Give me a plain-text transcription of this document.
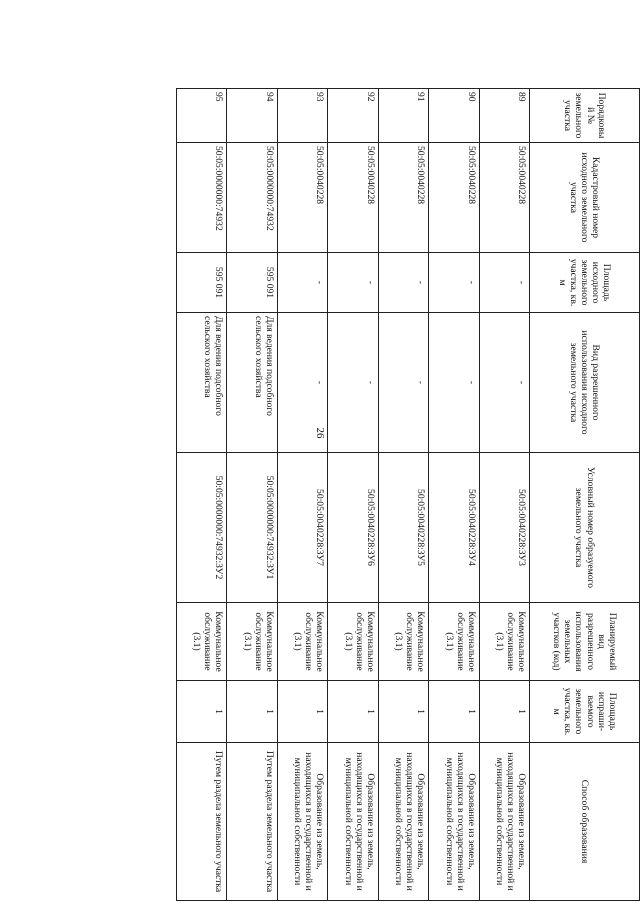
26
Порядковый № земельного участка	Кадастровый номер исходного земельного участка	Площадь исходного земельного участка, кв. м	Вид разрешенного использования исходного земельного участка	Условный номер образуемого земельного участка	Планируемый вид разрешенного использования земельных участков (код)	Площадь испраши-ваемого земельного участка, кв. м	Способ образования
89	50:05:0040228	-	-	50:05:0040228:ЗУ3	Коммунальное обслуживание (3.1)	1	Образование из земель, находящихся в государственной и муниципальной собственности
90	50:05:0040228	-	-	50:05:0040228:ЗУ4	Коммунальное обслуживание (3.1)	1	Образование из земель, находящихся в государственной и муниципальной собственности
91	50:05:0040228	-	-	50:05:0040228:ЗУ5	Коммунальное обслуживание (3.1)	1	Образование из земель, находящихся в государственной и муниципальной собственности
92	50:05:0040228	-	-	50:05:0040228:ЗУ6	Коммунальное обслуживание (3.1)	1	Образование из земель, находящихся в государственной и муниципальной собственности
93	50:05:0040228	-	-	50:05:0040228:ЗУ7	Коммунальное обслуживание (3.1)	1	Образование из земель, находящихся в государственной и муниципальной собственности
94	50:05:0000000:74932	595 091	Для ведения подсобного сельского хозяйства	50:05:0000000:74932:ЗУ1	Коммунальное обслуживание (3.1)	1	Путем раздела земельного участка
95	50:05:0000000:74932	595 091	Для ведения подсобного сельского хозяйства	50:05:0000000:74932:ЗУ2	Коммунальное обслуживание (3.1)	1	Путем раздела земельного участка
